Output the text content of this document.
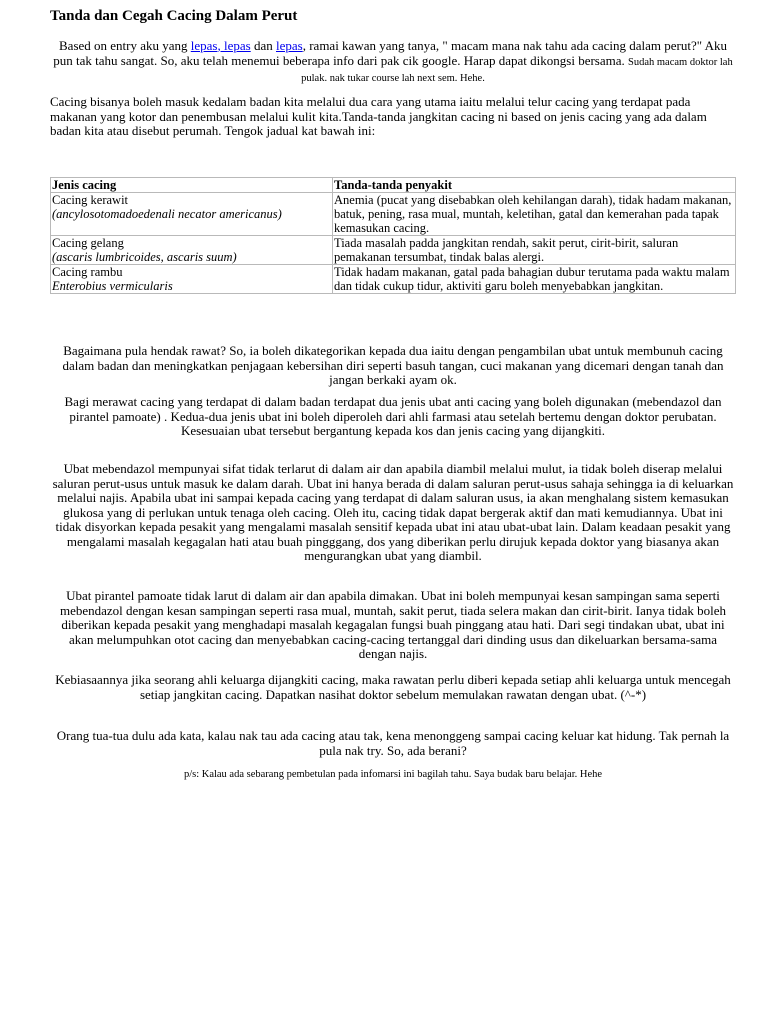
Tanda dan Cegah Cacing Dalam Perut

Based on entry aku yang lepas, lepas dan lepas, ramai kawan yang tanya, " macam mana nak tahu ada cacing dalam perut?" Aku pun tak tahu sangat. So, aku telah menemui beberapa info dari pak cik google. Harap dapat dikongsi bersama. Sudah macam doktor lah pulak. nak tukar course lah next sem. Hehe.

Cacing bisanya boleh masuk kedalam badan kita melalui dua cara yang utama iaitu melalui telur cacing yang terdapat pada makanan yang kotor dan penembusan melalui kulit kita.Tanda-tanda jangkitan cacing ni based on jenis cacing yang ada dalam badan kita atau disebut perumah. Tengok jadual kat bawah ini:

Jenis cacing	Tanda-tanda penyakit
Cacing kerawit
(ancylosotomadoedenali necator americanus)	Anemia (pucat yang disebabkan oleh kehilangan darah), tidak hadam makanan, batuk, pening, rasa mual, muntah, keletihan, gatal dan kemerahan pada tapak kemasukan cacing.
Cacing gelang
(ascaris lumbricoides, ascaris suum)	Tiada masalah padda jangkitan rendah, sakit perut, cirit-birit, saluran pemakanan tersumbat, tindak balas alergi.
Cacing rambu
Enterobius vermicularis	Tidak hadam makanan, gatal pada bahagian dubur terutama pada waktu malam dan tidak cukup tidur, aktiviti garu boleh menyebabkan jangkitan.

Bagaimana pula hendak rawat? So, ia boleh dikategorikan kepada dua iaitu dengan pengambilan ubat untuk membunuh cacing dalam badan dan meningkatkan penjagaan kebersihan diri seperti basuh tangan, cuci makanan yang dicemari dengan tanah dan jangan berkaki ayam ok.

Bagi merawat cacing yang terdapat di dalam badan terdapat dua jenis ubat anti cacing yang boleh digunakan (mebendazol dan pirantel pamoate) . Kedua-dua jenis ubat ini boleh diperoleh dari ahli farmasi atau setelah bertemu dengan doktor perubatan. Kesesuaian ubat tersebut bergantung kepada kos dan jenis cacing yang dijangkiti.

Ubat mebendazol mempunyai sifat tidak terlarut di dalam air dan apabila diambil melalui mulut, ia tidak boleh diserap melalui saluran perut-usus untuk masuk ke dalam darah. Ubat ini hanya berada di dalam saluran perut-usus sahaja sehingga ia di keluarkan melalui najis. Apabila ubat ini sampai kepada cacing yang terdapat di dalam saluran usus, ia akan menghalang sistem kemasukan glukosa yang di perlukan untuk tenaga oleh cacing. Oleh itu, cacing tidak dapat bergerak aktif dan mati kemudiannya. Ubat ini tidak disyorkan kepada pesakit yang mengalami masalah sensitif kepada ubat ini atau ubat-ubat lain. Dalam keadaan pesakit yang mengalami masalah kegagalan hati atau buah pingggang, dos yang diberikan perlu dirujuk kepada doktor yang biasanya akan mengurangkan ubat yang diambil.

Ubat pirantel pamoate tidak larut di dalam air dan apabila dimakan. Ubat ini boleh mempunyai kesan sampingan sama seperti mebendazol dengan kesan sampingan seperti rasa mual, muntah, sakit perut, tiada selera makan dan cirit-birit. Ianya tidak boleh diberikan kepada pesakit yang menghadapi masalah kegagalan fungsi buah pinggang atau hati. Dari segi tindakan ubat, ubat ini akan melumpuhkan otot cacing dan menyebabkan cacing-cacing tertanggal dari dinding usus dan dikeluarkan bersama-sama dengan najis.

Kebiasaannya jika seorang ahli keluarga dijangkiti cacing, maka rawatan perlu diberi kepada setiap ahli keluarga untuk mencegah setiap jangkitan cacing. Dapatkan nasihat doktor sebelum memulakan rawatan dengan ubat. (^-*)

Orang tua-tua dulu ada kata, kalau nak tau ada cacing atau tak, kena menonggeng sampai cacing keluar kat hidung. Tak pernah la pula nak try. So, ada berani?

p/s: Kalau ada sebarang pembetulan pada infomarsi ini bagilah tahu. Saya budak baru belajar. Hehe
